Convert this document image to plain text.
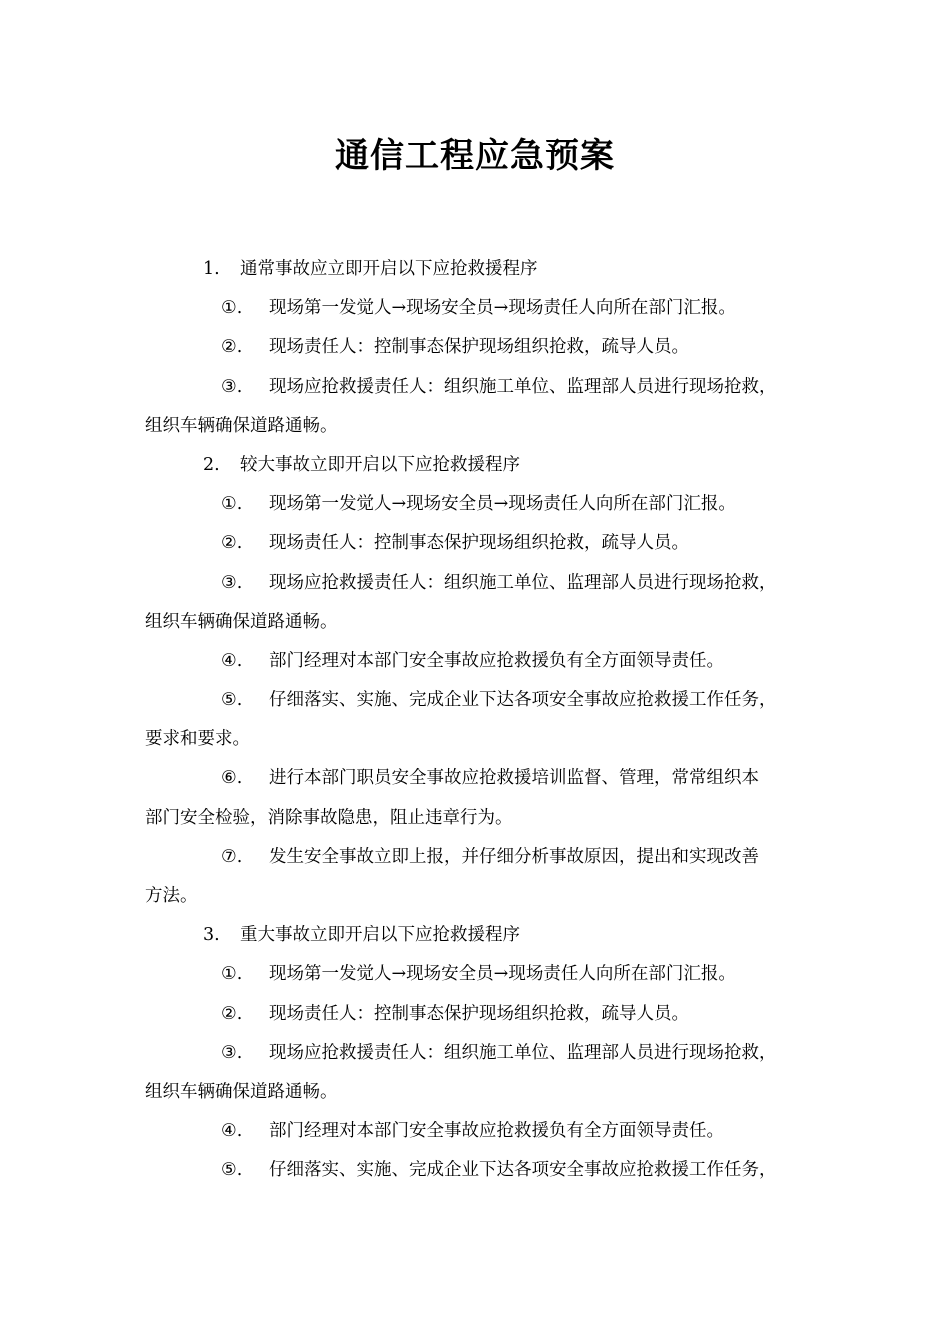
通信工程应急预案
1. 通常事故应立即开启以下应抢救援程序
①. 现场第一发觉人→现场安全员→现场责任人向所在部门汇报。
②. 现场责任人：控制事态保护现场组织抢救，疏导人员。
③. 现场应抢救援责任人：组织施工单位、监理部人员进行现场抢救，
组织车辆确保道路通畅。
2. 较大事故立即开启以下应抢救援程序
①. 现场第一发觉人→现场安全员→现场责任人向所在部门汇报。
②. 现场责任人：控制事态保护现场组织抢救，疏导人员。
③. 现场应抢救援责任人：组织施工单位、监理部人员进行现场抢救，
组织车辆确保道路通畅。
④. 部门经理对本部门安全事故应抢救援负有全方面领导责任。
⑤. 仔细落实、实施、完成企业下达各项安全事故应抢救援工作任务，
要求和要求。
⑥. 进行本部门职员安全事故应抢救援培训监督、管理，常常组织本
部门安全检验，消除事故隐患，阻止违章行为。
⑦. 发生安全事故立即上报，并仔细分析事故原因，提出和实现改善
方法。
3. 重大事故立即开启以下应抢救援程序
①. 现场第一发觉人→现场安全员→现场责任人向所在部门汇报。
②. 现场责任人：控制事态保护现场组织抢救，疏导人员。
③. 现场应抢救援责任人：组织施工单位、监理部人员进行现场抢救，
组织车辆确保道路通畅。
④. 部门经理对本部门安全事故应抢救援负有全方面领导责任。
⑤. 仔细落实、实施、完成企业下达各项安全事故应抢救援工作任务，
